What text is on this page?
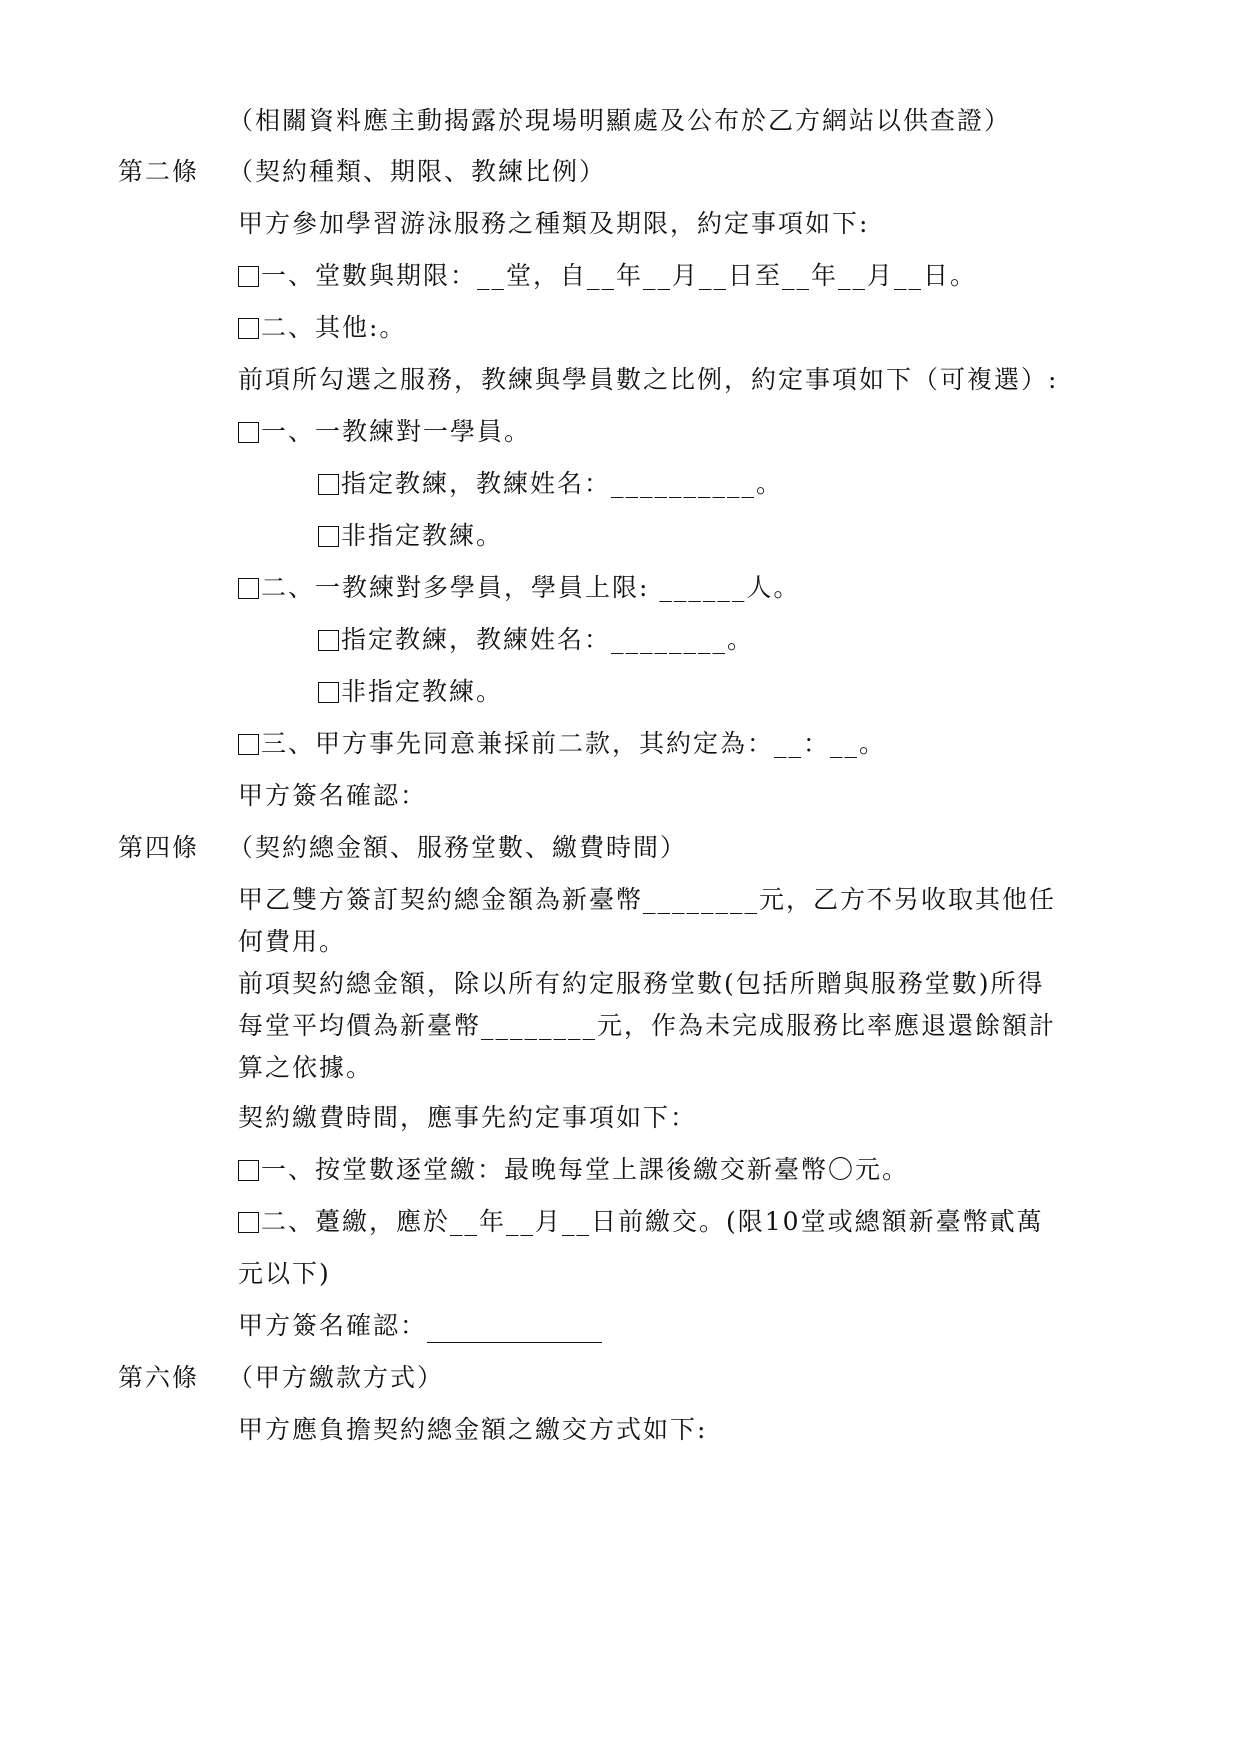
（相關資料應主動揭露於現場明顯處及公布於乙方網站以供查證）

第二條 （契約種類、期限、教練比例）

甲方參加學習游泳服務之種類及期限，約定事項如下:

一、堂數與期限：__堂，自__年__月__日至__年__月__日。

二、其他:。

前項所勾選之服務，教練與學員數之比例，約定事項如下（可複選）:

一、一教練對一學員。

指定教練，教練姓名：__________。

非指定教練。

二、一教練對多學員，學員上限: ______人。

指定教練，教練姓名：________。

非指定教練。

三、甲方事先同意兼採前二款，其約定為：__：__。

甲方簽名確認：

第四條 （契約總金額、服務堂數、繳費時間）

甲乙雙方簽訂契約總金額為新臺幣________元，乙方不另收取其他任

何費用。

前項契約總金額，除以所有約定服務堂數(包括所贈與服務堂數)所得

每堂平均價為新臺幣________元，作為未完成服務比率應退還餘額計

算之依據。

契約繳費時間，應事先約定事項如下：

一、按堂數逐堂繳：最晚每堂上課後繳交新臺幣〇元。

二、躉繳，應於__年__月__日前繳交。(限10堂或總額新臺幣貳萬

元以下)

甲方簽名確認：

第六條 （甲方繳款方式）

甲方應負擔契約總金額之繳交方式如下:
